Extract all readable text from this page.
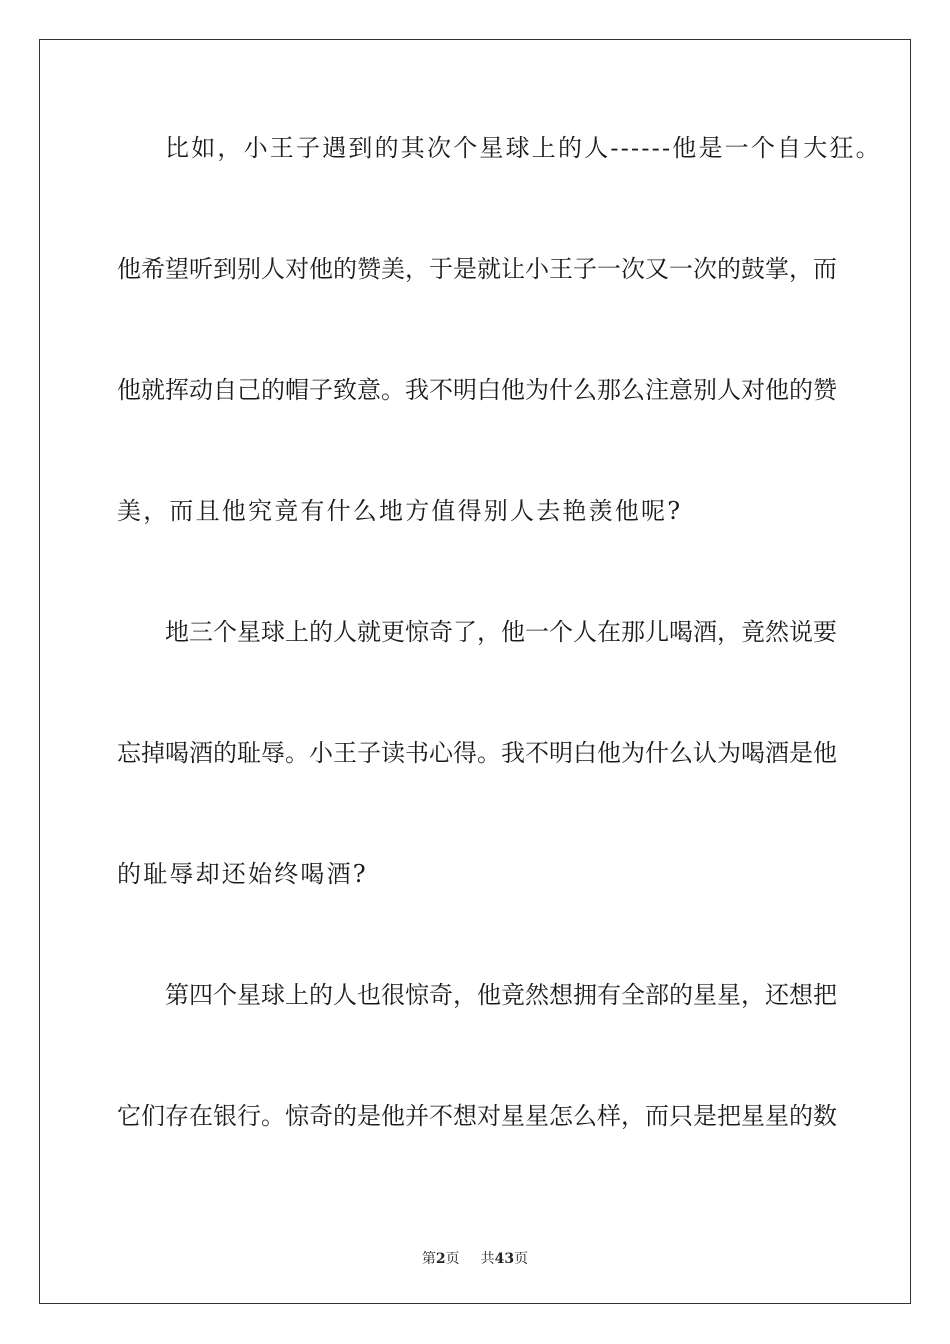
比如，小王子遇到的其次个星球上的人------他是一个自大狂。
他希望听到别人对他的赞美，于是就让小王子一次又一次的鼓掌，而
他就挥动自己的帽子致意。我不明白他为什么那么注意别人对他的赞
美，而且他究竟有什么地方值得别人去艳羡他呢?
地三个星球上的人就更惊奇了，他一个人在那儿喝酒，竟然说要
忘掉喝酒的耻辱。小王子读书心得。我不明白他为什么认为喝酒是他
的耻辱却还始终喝酒?
第四个星球上的人也很惊奇，他竟然想拥有全部的星星，还想把
它们存在银行。惊奇的是他并不想对星星怎么样，而只是把星星的数
第2页 共43页
